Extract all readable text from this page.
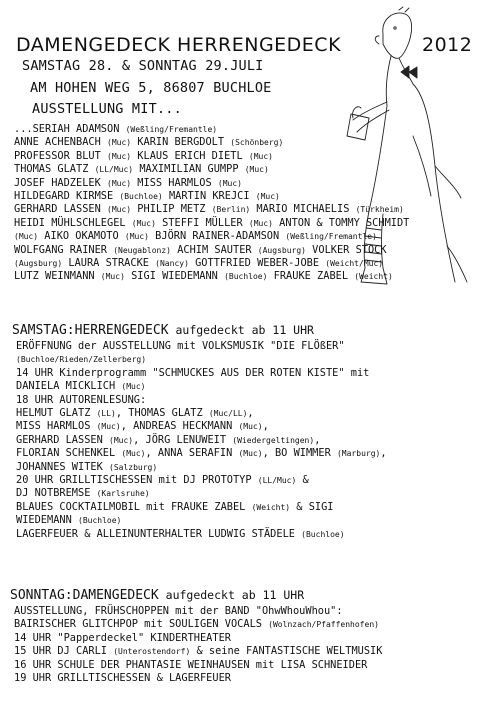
DAMENGEDECK HERRENGEDECK	2012
SAMSTAG 28. & SONNTAG 29.JULI
AM HOHEN WEG 5, 86807 BUCHLOE
AUSSTELLUNG MIT...
...SERIAH ADAMSON (Weßling/Fremantle)
ANNE ACHENBACH (Muc) KARIN BERGDOLT (Schönberg)
PROFESSOR BLUT (Muc) KLAUS ERICH DIETL (Muc)
THOMAS GLATZ (LL/Muc) MAXIMILIAN GUMPP (Muc)
JOSEF HADZELEK (Muc) MISS HARMLOS (Muc)
HILDEGARD KIRMSE (Buchloe) MARTIN KREJCI (Muc)
GERHARD LASSEN (Muc) PHILIP METZ (Berlin) MARIO MICHAELIS (Türkheim)
HEIDI MÜHLSCHLEGEL (Muc) STEFFI MÜLLER (Muc) ANTON & TOMMY SCHMIDT
(Muc) AIKO OKAMOTO (Muc) BJÖRN RAINER-ADAMSON (Weßling/Fremantle)
WOLFGANG RAINER (Neugablonz) ACHIM SAUTER (Augsburg) VOLKER STOCK
(Augsburg) LAURA STRACKE (Nancy) GOTTFRIED WEBER-JOBE (Weicht/Muc)
LUTZ WEINMANN (Muc) SIGI WIEDEMANN (Buchloe) FRAUKE ZABEL (Weicht)
SAMSTAG:HERRENGEDECK aufgedeckt ab 11 UHR
ERÖFFNUNG der AUSSTELLUNG mit VOLKSMUSIK "DIE FLÖßER"
(Buchloe/Rieden/Zellerberg)
14 UHR Kinderprogramm "SCHMUCKES AUS DER ROTEN KISTE" mit
DANIELA MICKLICH (Muc)
18 UHR AUTORENLESUNG:
HELMUT GLATZ (LL), THOMAS GLATZ (Muc/LL),
MISS HARMLOS (Muc), ANDREAS HECKMANN (Muc),
GERHARD LASSEN (Muc), JÖRG LENUWEIT (Wiedergeltingen),
FLORIAN SCHENKEL (Muc), ANNA SERAFIN (Muc), BO WIMMER (Marburg),
JOHANNES WITEK (Salzburg)
20 UHR GRILLTISCHESSEN mit DJ PROTOTYP (LL/Muc) &
DJ NOTBREMSE (Karlsruhe)
BLAUES COCKTAILMOBIL mit FRAUKE ZABEL (Weicht) & SIGI
WIEDEMANN (Buchloe)
LAGERFEUER & ALLEINUNTERHALTER LUDWIG STÄDELE (Buchloe)
SONNTAG:DAMENGEDECK aufgedeckt ab 11 UHR
AUSSTELLUNG, FRÜHSCHOPPEN mit der BAND "OhwWhouWhou":
BAIRISCHER GLITCHPOP mit SOULIGEN VOCALS (Wolnzach/Pfaffenhofen)
14 UHR "Papperdeckel" KINDERTHEATER
15 UHR DJ CARLI (Unterostendorf) & seine FANTASTISCHE WELTMUSIK
16 UHR SCHULE DER PHANTASIE WEINHAUSEN mit LISA SCHNEIDER
19 UHR GRILLTISCHESSEN & LAGERFEUER
